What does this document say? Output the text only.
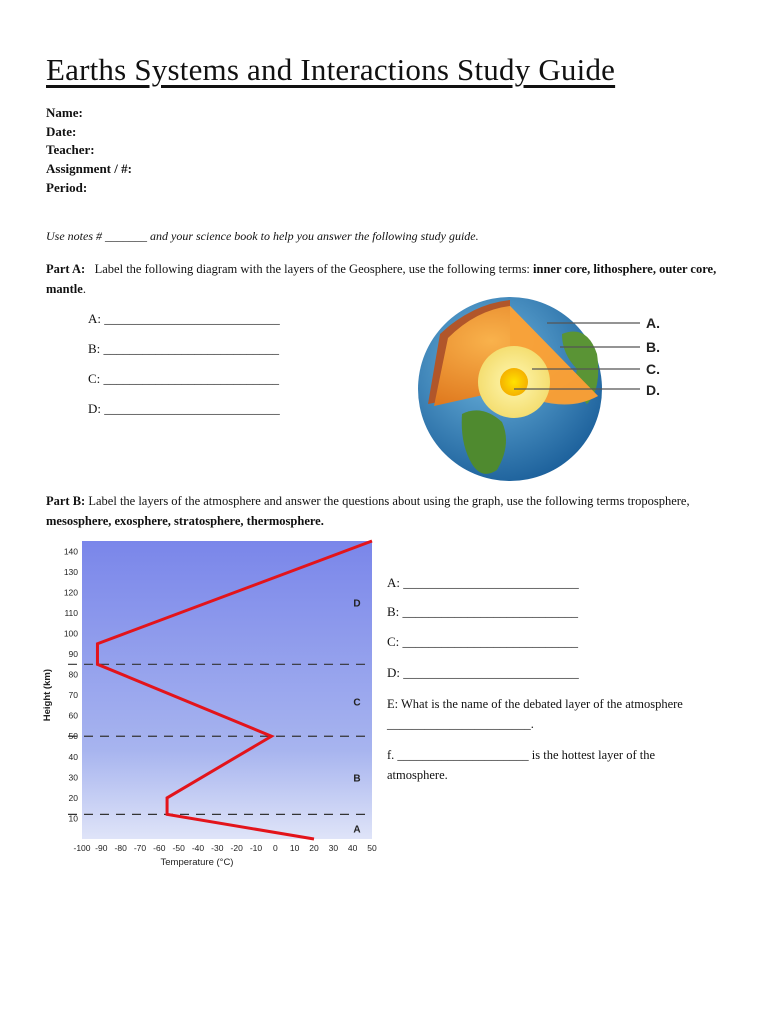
Earths Systems and Interactions Study Guide
Name:
Date:
Teacher:
Assignment / #:
Period:
Use notes # _______ and your science book to help you answer the following study guide.
Part A: Label the following diagram with the layers of the Geosphere, use the following terms: inner core, lithosphere, outer core, mantle.
A: ___________________________
B: ___________________________
C: ___________________________
D: ___________________________
A.
B.
C.
D.
Part B: Label the layers of the atmosphere and answer the questions about using the graph, use the following terms troposphere, mesosphere, exosphere, stratosphere, thermosphere.
10
20
30
40
50
60
70
80
90
100
110
120
130
140
-100 -90 -80 -70 -60 -50 -40 -30 -20 -10 0 10 20 30 40 50
Temperature (°C)
Height (km)
A
B
C
D
A: ___________________________
B: ___________________________
C: ___________________________
D: ___________________________
E: What is the name of the debated layer of the atmosphere _______________________.
f. _____________________ is the hottest layer of the atmosphere.
